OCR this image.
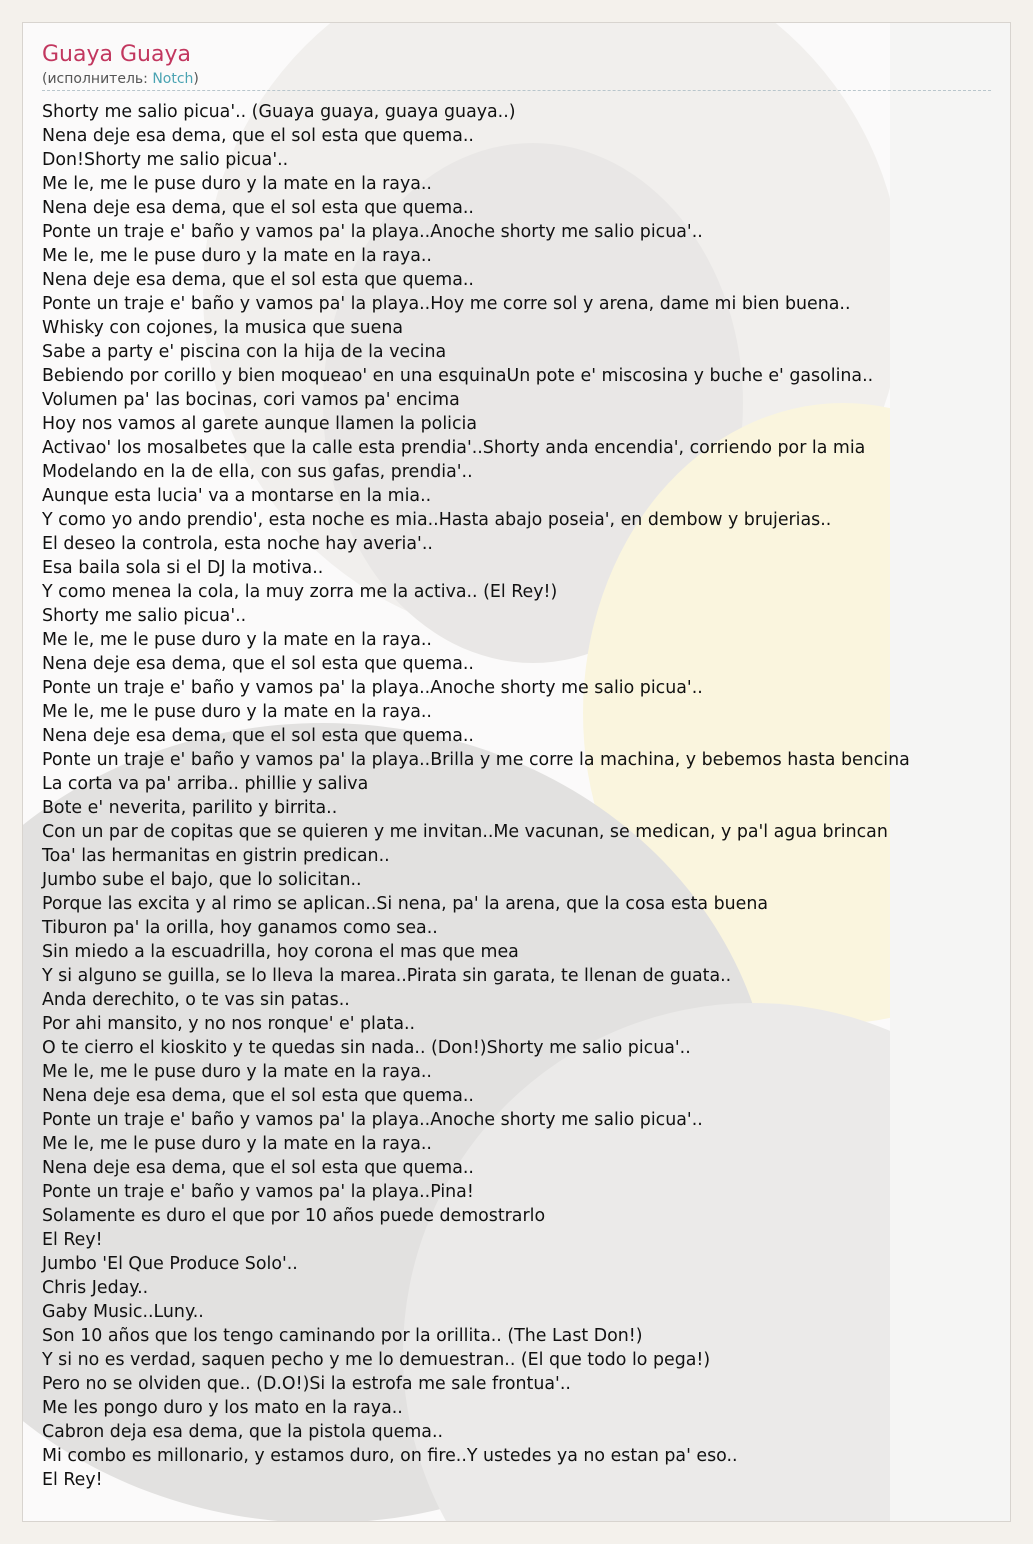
Guaya Guaya
(исполнитель: Notch)
Shorty me salio picua'.. (Guaya guaya, guaya guaya..)
Nena deje esa dema, que el sol esta que quema..
Don!Shorty me salio picua'..
Me le, me le puse duro y la mate en la raya..
Nena deje esa dema, que el sol esta que quema..
Ponte un traje e' baño y vamos pa' la playa..Anoche shorty me salio picua'..
Me le, me le puse duro y la mate en la raya..
Nena deje esa dema, que el sol esta que quema..
Ponte un traje e' baño y vamos pa' la playa..Hoy me corre sol y arena, dame mi bien buena..
Whisky con cojones, la musica que suena
Sabe a party e' piscina con la hija de la vecina
Bebiendo por corillo y bien moqueao' en una esquinaUn pote e' miscosina y buche e' gasolina..
Volumen pa' las bocinas, cori vamos pa' encima
Hoy nos vamos al garete aunque llamen la policia
Activao' los mosalbetes que la calle esta prendia'..Shorty anda encendia', corriendo por la mia
Modelando en la de ella, con sus gafas, prendia'..
Aunque esta lucia' va a montarse en la mia..
Y como yo ando prendio', esta noche es mia..Hasta abajo poseia', en dembow y brujerias..
El deseo la controla, esta noche hay averia'..
Esa baila sola si el DJ la motiva..
Y como menea la cola, la muy zorra me la activa.. (El Rey!)
Shorty me salio picua'..
Me le, me le puse duro y la mate en la raya..
Nena deje esa dema, que el sol esta que quema..
Ponte un traje e' baño y vamos pa' la playa..Anoche shorty me salio picua'..
Me le, me le puse duro y la mate en la raya..
Nena deje esa dema, que el sol esta que quema..
Ponte un traje e' baño y vamos pa' la playa..Brilla y me corre la machina, y bebemos hasta bencina
La corta va pa' arriba.. phillie y saliva
Bote e' neverita, parilito y birrita..
Con un par de copitas que se quieren y me invitan..Me vacunan, se medican, y pa'l agua brincan
Toa' las hermanitas en gistrin predican..
Jumbo sube el bajo, que lo solicitan..
Porque las excita y al rimo se aplican..Si nena, pa' la arena, que la cosa esta buena
Tiburon pa' la orilla, hoy ganamos como sea..
Sin miedo a la escuadrilla, hoy corona el mas que mea
Y si alguno se guilla, se lo lleva la marea..Pirata sin garata, te llenan de guata..
Anda derechito, o te vas sin patas..
Por ahi mansito, y no nos ronque' e' plata..
O te cierro el kioskito y te quedas sin nada.. (Don!)Shorty me salio picua'..
Me le, me le puse duro y la mate en la raya..
Nena deje esa dema, que el sol esta que quema..
Ponte un traje e' baño y vamos pa' la playa..Anoche shorty me salio picua'..
Me le, me le puse duro y la mate en la raya..
Nena deje esa dema, que el sol esta que quema..
Ponte un traje e' baño y vamos pa' la playa..Pina!
Solamente es duro el que por 10 años puede demostrarlo
El Rey!
Jumbo 'El Que Produce Solo'..
Chris Jeday..
Gaby Music..Luny..
Son 10 años que los tengo caminando por la orillita.. (The Last Don!)
Y si no es verdad, saquen pecho y me lo demuestran.. (El que todo lo pega!)
Pero no se olviden que.. (D.O!)Si la estrofa me sale frontua'..
Me les pongo duro y los mato en la raya..
Cabron deja esa dema, que la pistola quema..
Mi combo es millonario, y estamos duro, on fire..Y ustedes ya no estan pa' eso..
El Rey!
